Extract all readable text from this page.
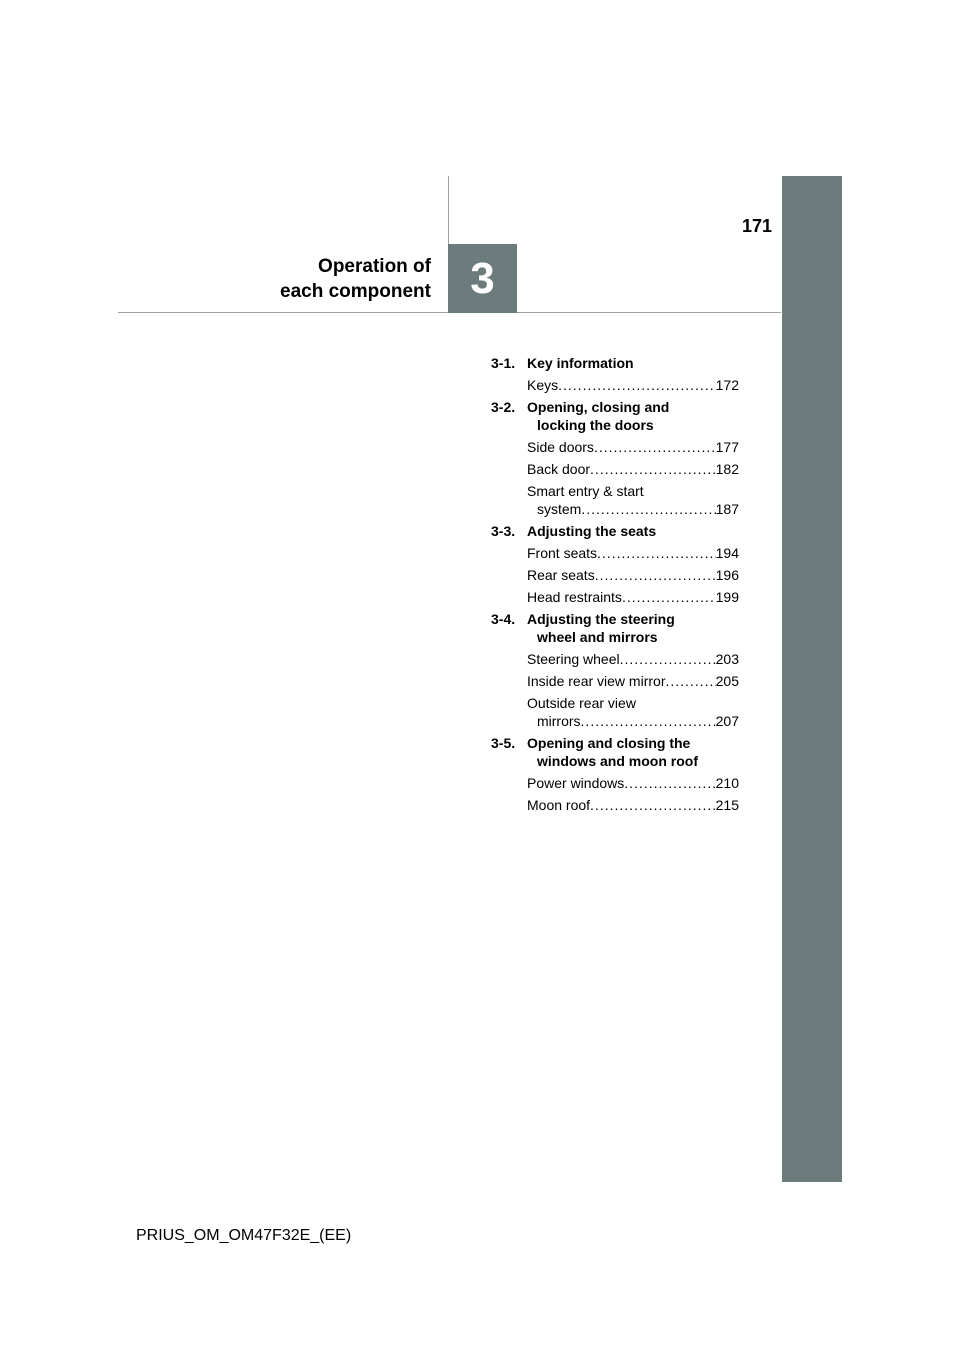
3
171
Operation of
each component
3-1. Key information
Keys .....	172
3-2. Opening, closing and
locking the doors
Side doors .....	177
Back door .....	182
Smart entry & start
system .....	187
3-3. Adjusting the seats
Front seats .....	194
Rear seats .....	196
Head restraints .....	199
3-4. Adjusting the steering
wheel and mirrors
Steering wheel .....	203
Inside rear view mirror .....	205
Outside rear view
mirrors .....	207
3-5. Opening and closing the
windows and moon roof
Power windows .....	210
Moon roof .....	215
PRIUS_OM_OM47F32E_(EE)
